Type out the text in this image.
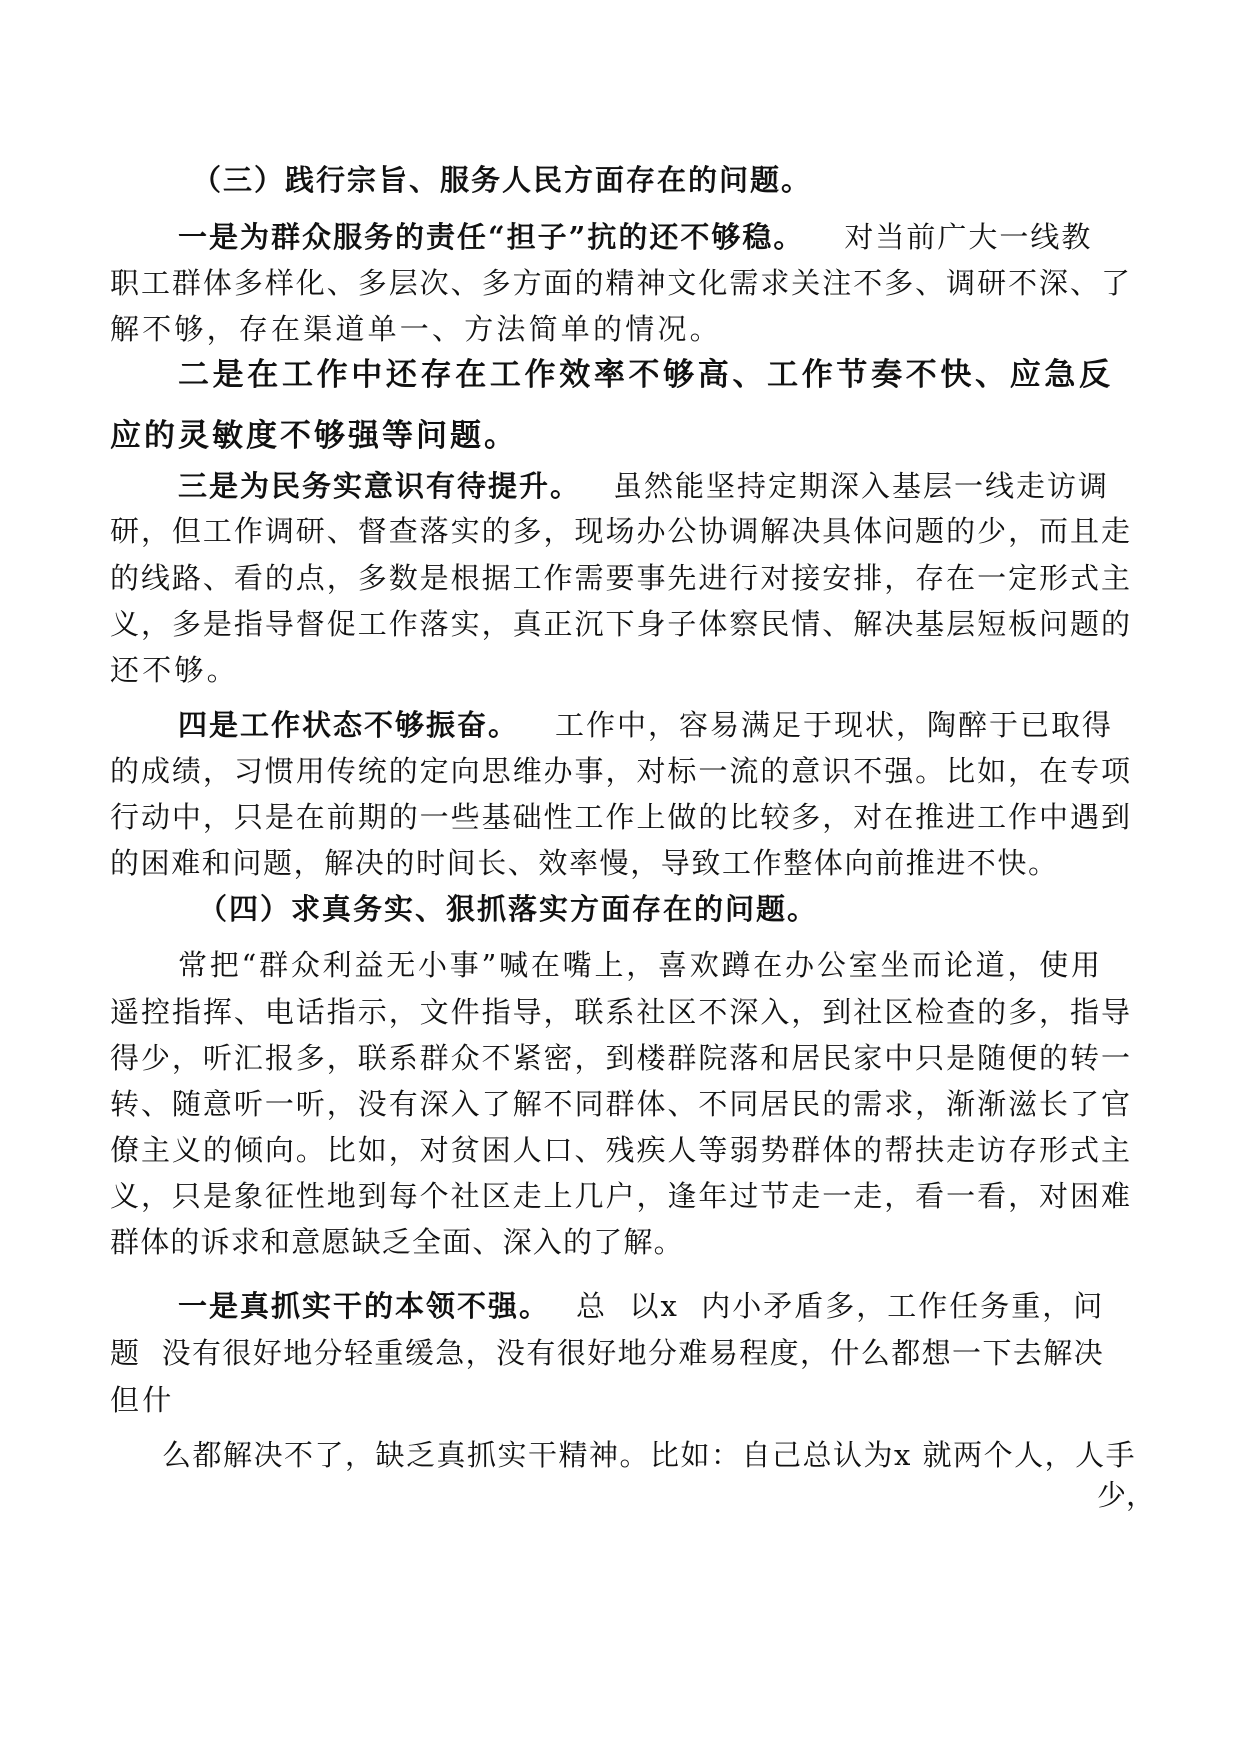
（三）践行宗旨、服务人民方面存在的问题。
一是为群众服务的责任“担子”抗的还不够稳。 对当前广大一线教
职工群体多样化、多层次、多方面的精神文化需求关注不多、调研不深、了
解不够，存在渠道单一、方法简单的情况。
二是在工作中还存在工作效率不够高、工作节奏不快、应急反
应的灵敏度不够强等问题。
三是为民务实意识有待提升。 虽然能坚持定期深入基层一线走访调
研，但工作调研、督查落实的多，现场办公协调解决具体问题的少，而且走
的线路、看的点，多数是根据工作需要事先进行对接安排，存在一定形式主
义，多是指导督促工作落实，真正沉下身子体察民情、解决基层短板问题的
还不够。
四是工作状态不够振奋。 工作中，容易满足于现状，陶醉于已取得
的成绩，习惯用传统的定向思维办事，对标一流的意识不强。比如，在专项
行动中，只是在前期的一些基础性工作上做的比较多，对在推进工作中遇到
的困难和问题，解决的时间长、效率慢，导致工作整体向前推进不快。
（四）求真务实、狠抓落实方面存在的问题。
常把“群众利益无小事”喊在嘴上，喜欢蹲在办公室坐而论道，使用
遥控指挥、电话指示，文件指导，联系社区不深入，到社区检查的多，指导
得少，听汇报多，联系群众不紧密，到楼群院落和居民家中只是随便的转一
转、随意听一听，没有深入了解不同群体、不同居民的需求，渐渐滋长了官
僚主义的倾向。比如，对贫困人口、残疾人等弱势群体的帮扶走访存形式主
义，只是象征性地到每个社区走上几户，逢年过节走一走，看一看，对困难
群体的诉求和意愿缺乏全面、深入的了解。
一是真抓实干的本领不强。 总  以x  内小矛盾多，工作任务重，问
题  没有很好地分轻重缓急，没有很好地分难易程度，什么都想一下去解决
但什
么都解决不了，缺乏真抓实干精神。比如：自己总认为x 就两个人，人手
少，
